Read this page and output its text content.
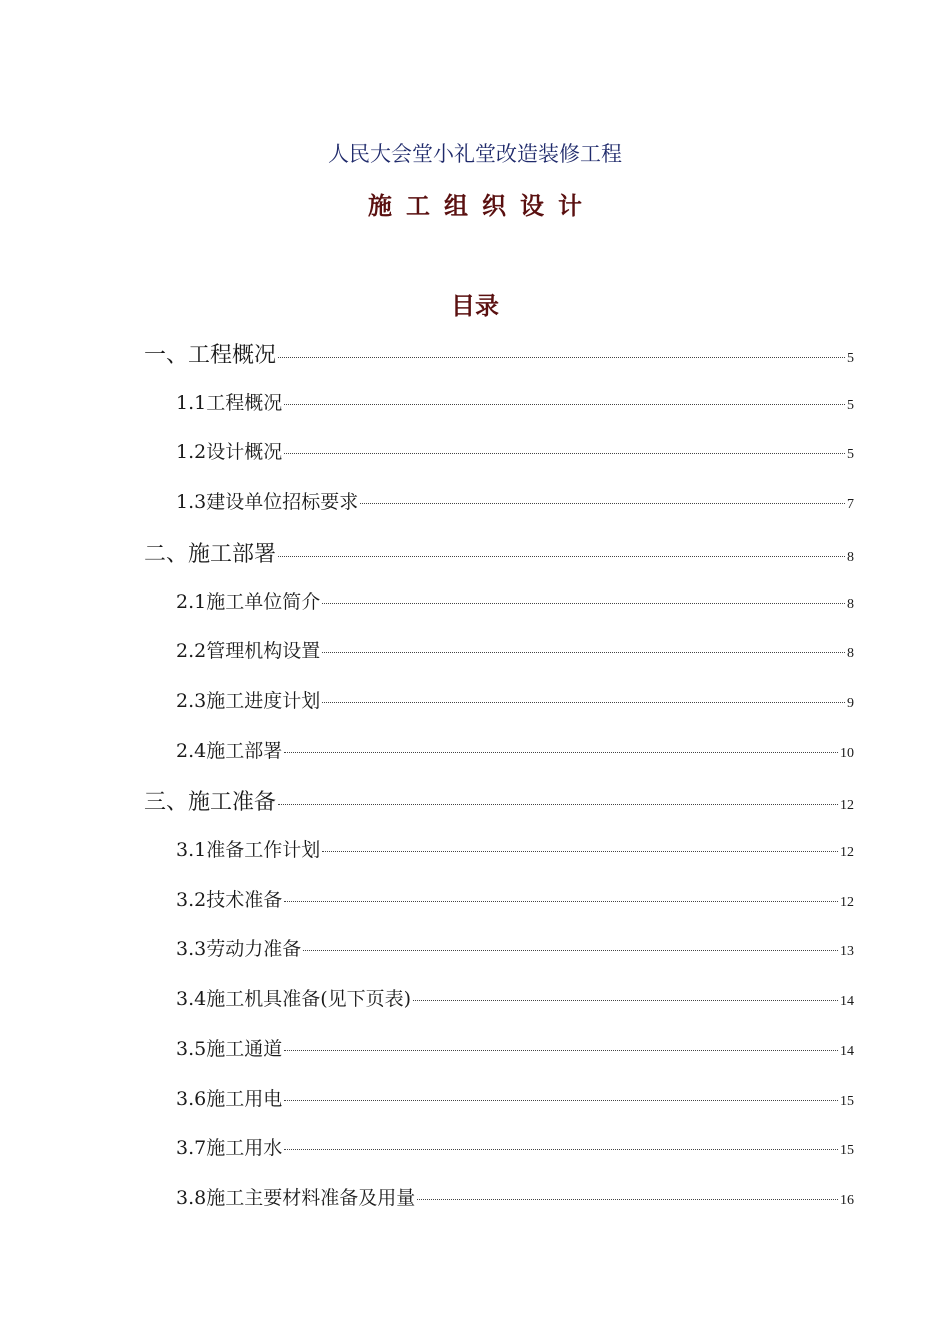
人民大会堂小礼堂改造装修工程
施工组织设计
目录
一、工程概况	5
1.1工程概况	5
1.2设计概况	5
1.3建设单位招标要求	7
二、施工部署	8
2.1施工单位简介	8
2.2管理机构设置	8
2.3施工进度计划	9
2.4施工部署	10
三、施工准备	12
3.1准备工作计划	12
3.2技术准备	12
3.3劳动力准备	13
3.4施工机具准备(见下页表)	14
3.5施工通道	14
3.6施工用电	15
3.7施工用水	15
3.8施工主要材料准备及用量	16
